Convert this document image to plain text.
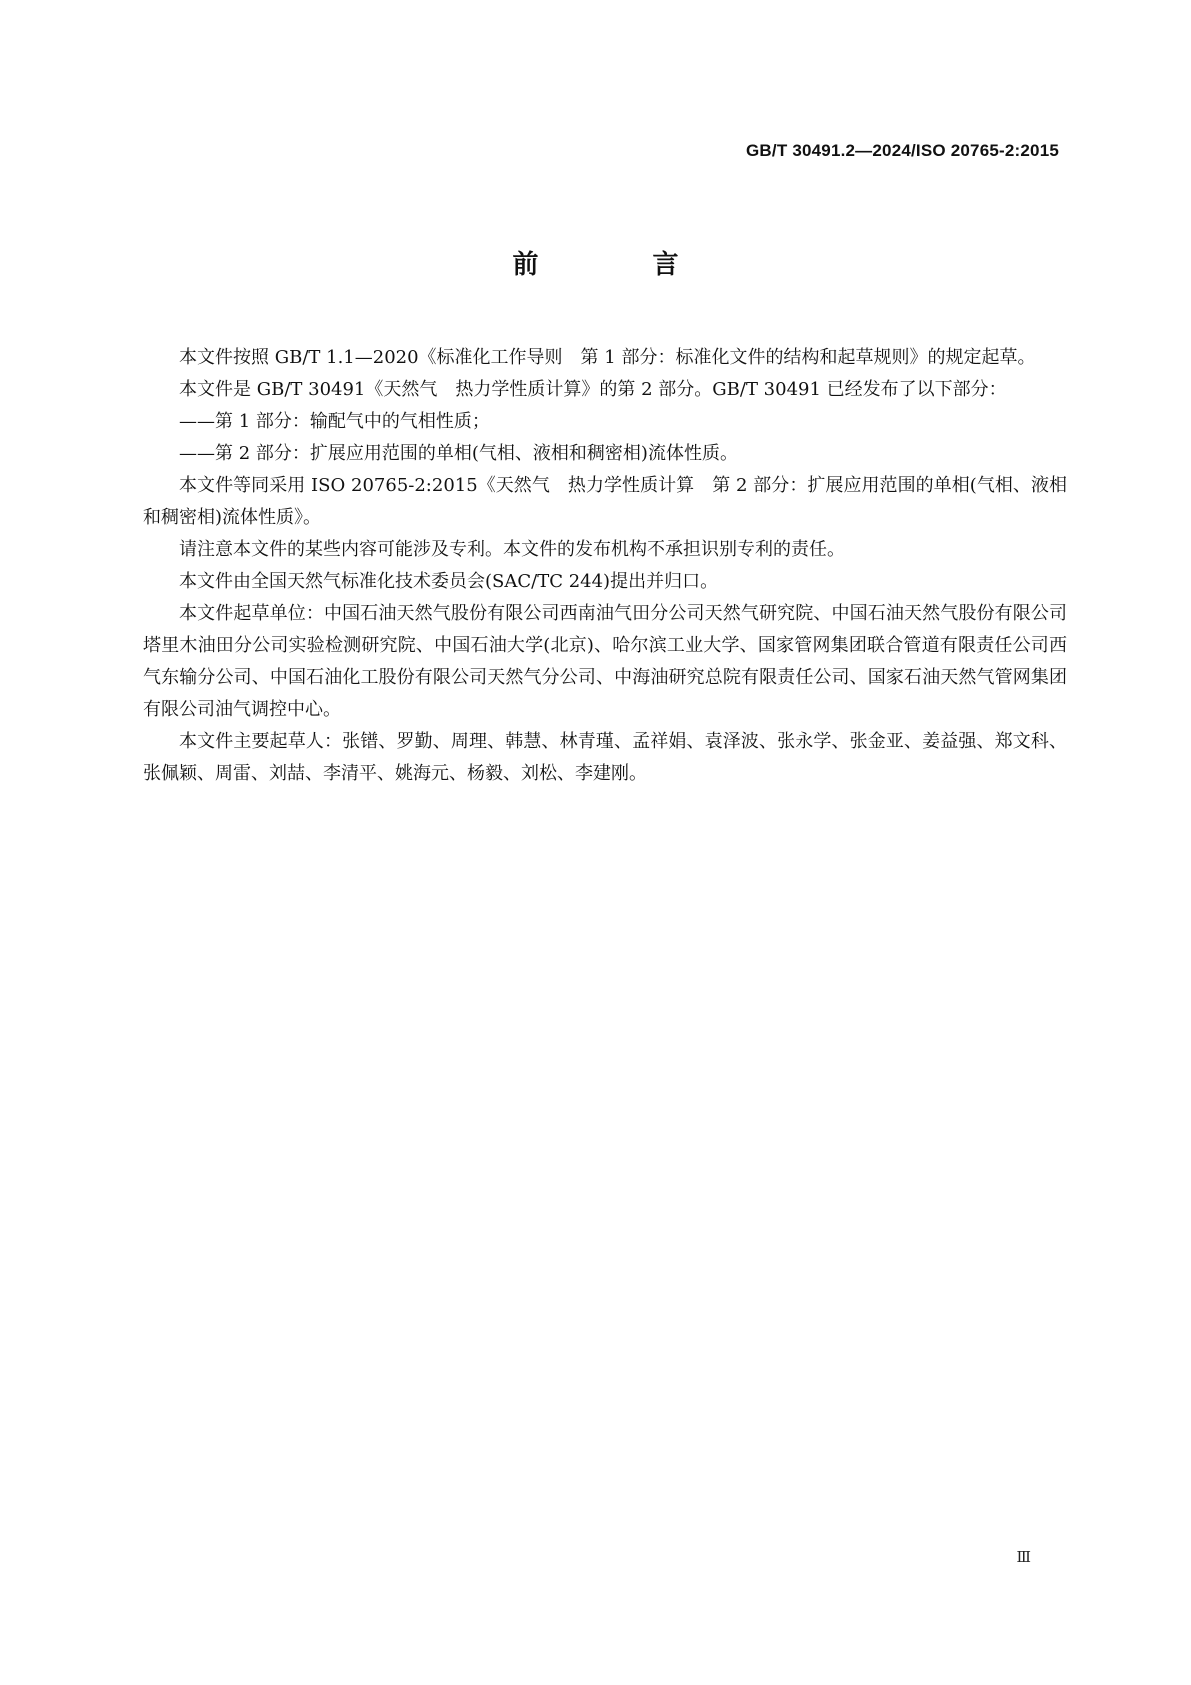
GB/T 30491.2—2024/ISO 20765-2:2015
前　言

本文件按照 GB/T 1.1—2020《标准化工作导则　第 1 部分：标准化文件的结构和起草规则》的规定起草。

本文件是 GB/T 30491《天然气　热力学性质计算》的第 2 部分。GB/T 30491 已经发布了以下部分：

——第 1 部分：输配气中的气相性质；

——第 2 部分：扩展应用范围的单相(气相、液相和稠密相)流体性质。

本文件等同采用 ISO 20765-2:2015《天然气　热力学性质计算　第 2 部分：扩展应用范围的单相(气相、液相和稠密相)流体性质》。

请注意本文件的某些内容可能涉及专利。本文件的发布机构不承担识别专利的责任。

本文件由全国天然气标准化技术委员会(SAC/TC 244)提出并归口。

本文件起草单位：中国石油天然气股份有限公司西南油气田分公司天然气研究院、中国石油天然气股份有限公司塔里木油田分公司实验检测研究院、中国石油大学(北京)、哈尔滨工业大学、国家管网集团联合管道有限责任公司西气东输分公司、中国石油化工股份有限公司天然气分公司、中海油研究总院有限责任公司、国家石油天然气管网集团有限公司油气调控中心。

本文件主要起草人：张镨、罗勤、周理、韩慧、林青瑾、孟祥娟、袁泽波、张永学、张金亚、姜益强、郑文科、张佩颖、周雷、刘喆、李清平、姚海元、杨毅、刘松、李建刚。

Ⅲ
